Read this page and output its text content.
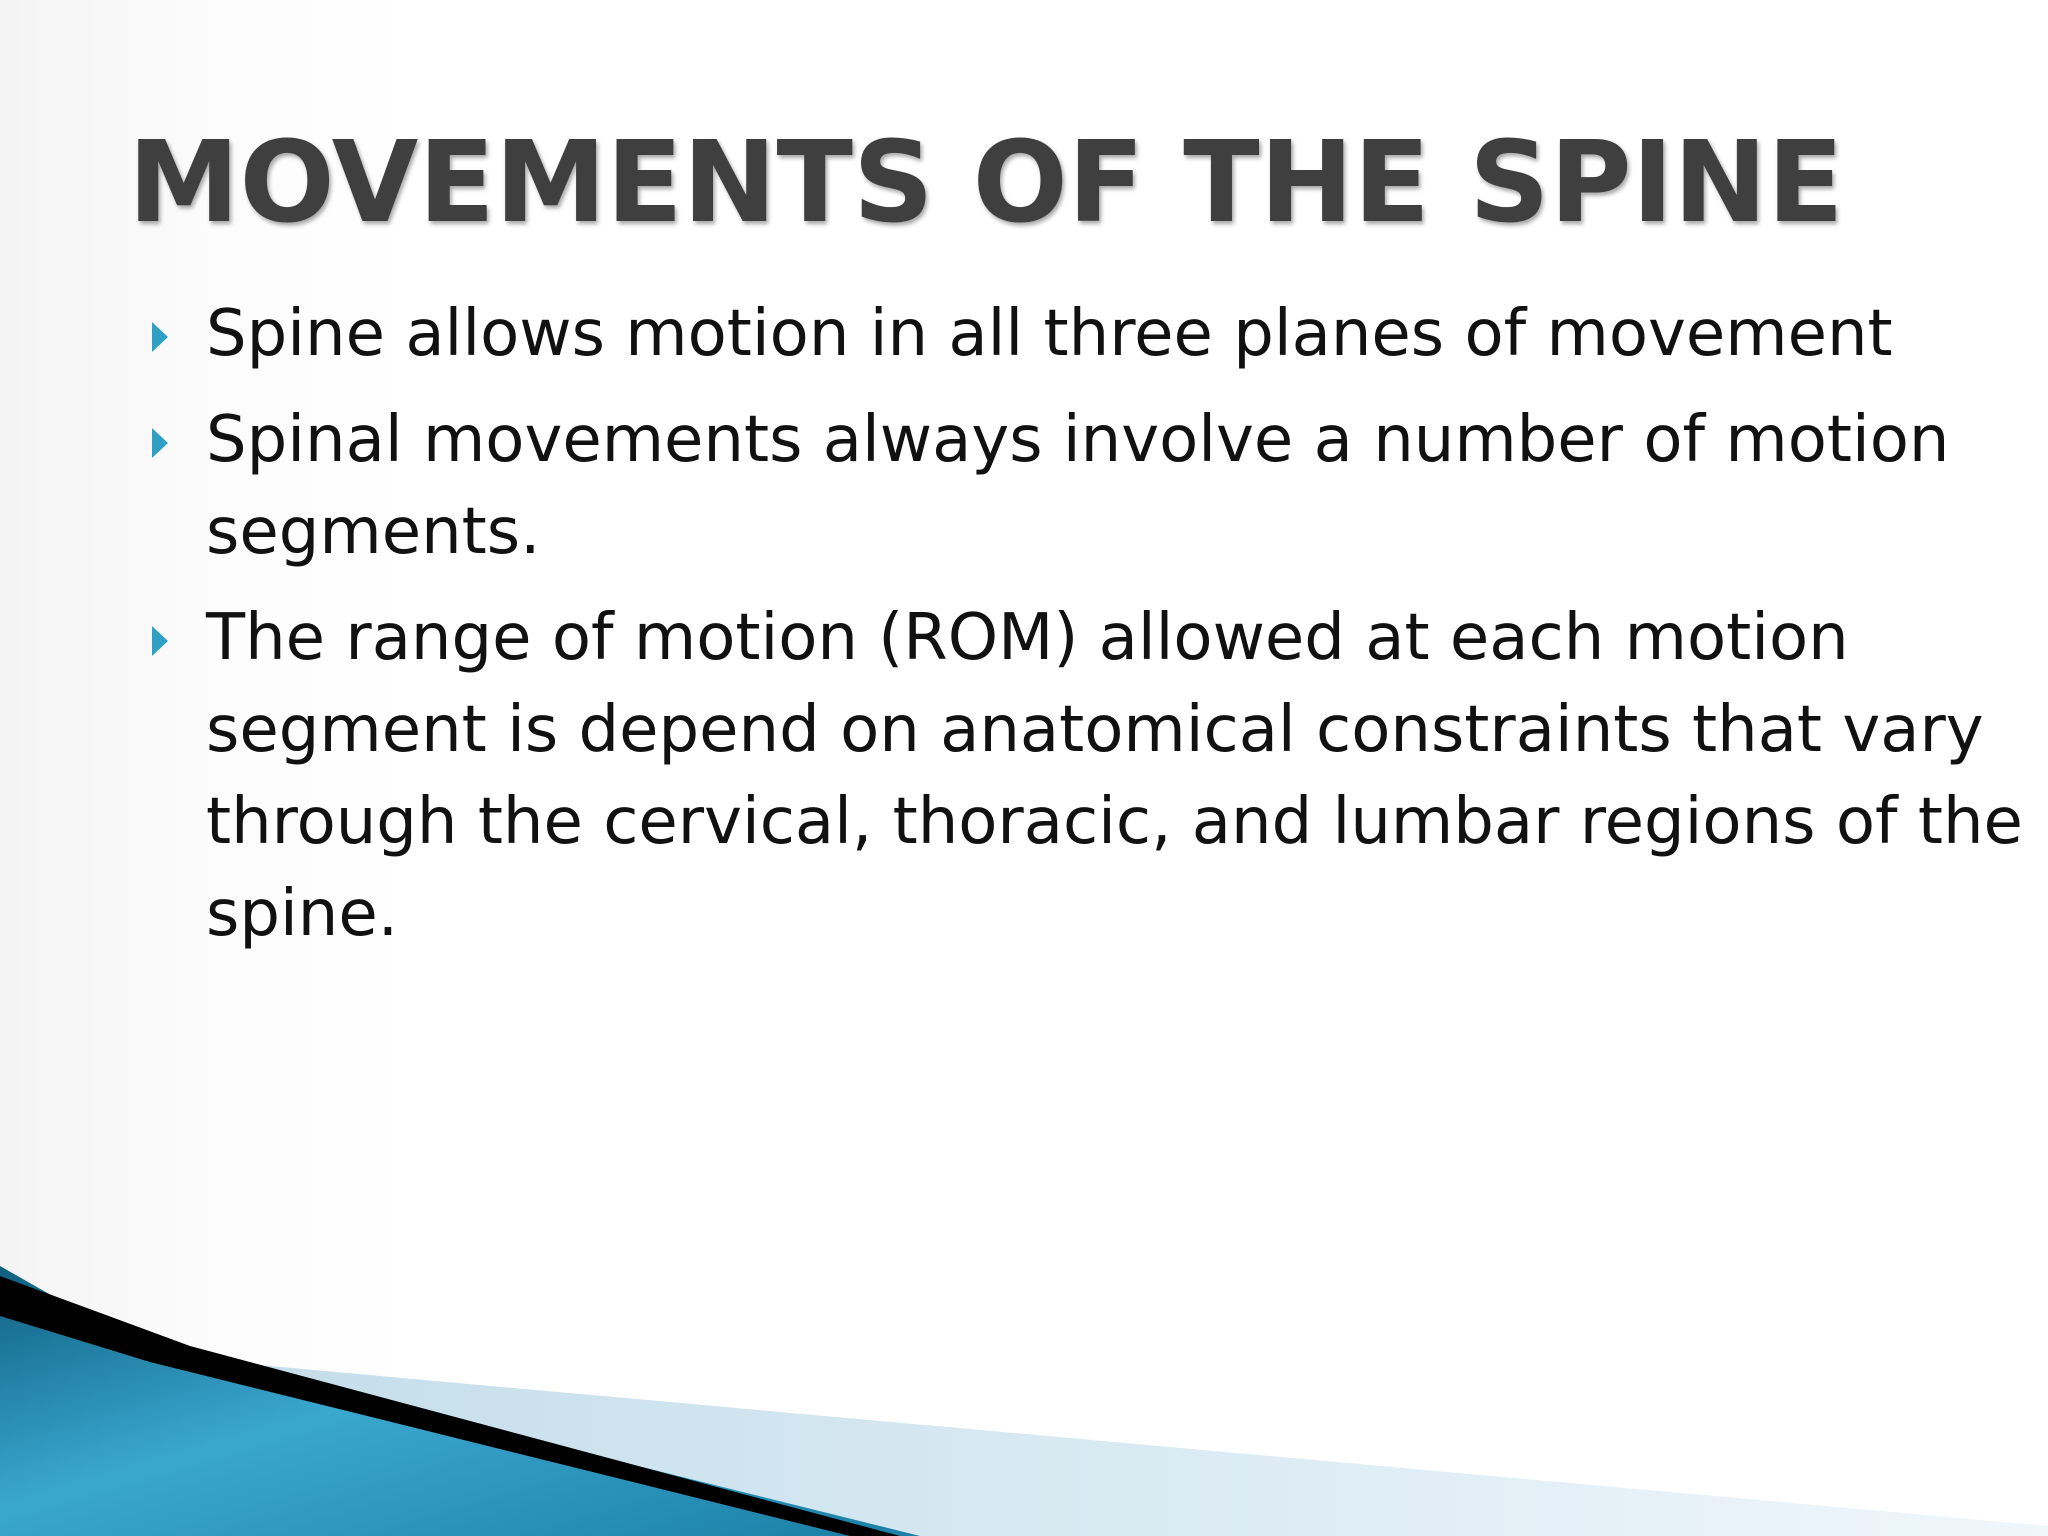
MOVEMENTS OF THE SPINE
Spine allows motion in all three planes of movement
Spinal movements always involve a number of motion segments.
The range of motion (ROM) allowed at each motion segment is depend on anatomical constraints that vary through the cervical, thoracic, and lumbar regions of the spine.
